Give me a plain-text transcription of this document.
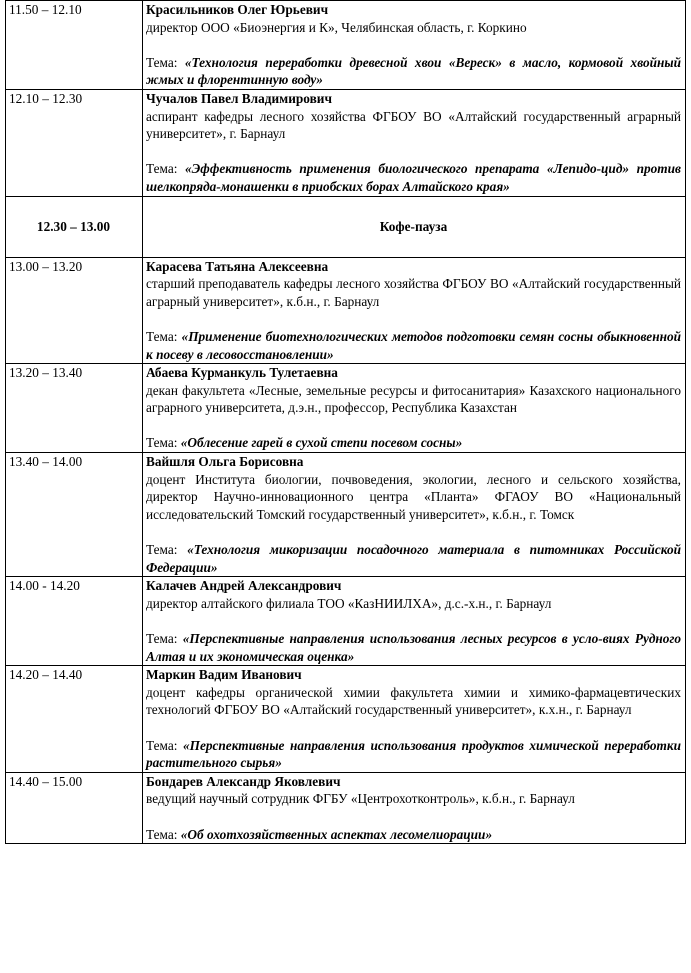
11.50 – 12.10	Красильников Олег Юрьевич
директор ООО «Биоэнергия и К», Челябинская область, г. Коркино
Тема: «Технология переработки древесной хвои «Вереск» в масло, кормовой хвойный жмых и флорентинную воду»

12.10 – 12.30	Чучалов Павел Владимирович
аспирант кафедры лесного хозяйства ФГБОУ ВО «Алтайский государственный аграрный университет», г. Барнаул
Тема: «Эффективность применения биологического препарата «Лепидо-цид» против шелкопряда-монашенки в приобских борах Алтайского края»

12.30 – 13.00	Кофе-пауза
13.00 – 13.20	Карасева Татьяна Алексеевна
старший преподаватель кафедры лесного хозяйства ФГБОУ ВО «Алтайский государственный аграрный университет», к.б.н., г. Барнаул
Тема: «Применение биотехнологических методов подготовки семян сосны обыкновенной к посеву в лесовосстановлении»

13.20 – 13.40	Абаева Курманкуль Тулетаевна
декан факультета «Лесные, земельные ресурсы и фитосанитария» Казахского национального аграрного университета, д.э.н., профессор, Республика Казахстан
Тема: «Облесение гарей в сухой степи посевом сосны»

13.40 – 14.00	Вайшля Ольга Борисовна
доцент Института биологии, почвоведения, экологии, лесного и сельского хозяйства, директор Научно-инновационного центра «Планта» ФГАОУ ВО «Национальный исследовательский Томский государственный университет», к.б.н., г. Томск
Тема: «Технология микоризации посадочного материала в питомниках Российской Федерации»

14.00 - 14.20	Калачев Андрей Александрович
директор алтайского филиала ТОО «КазНИИЛХА», д.с.-х.н., г. Барнаул
Тема: «Перспективные направления использования лесных ресурсов в усло-виях Рудного Алтая и их экономическая оценка»

14.20 – 14.40	Маркин Вадим Иванович
доцент кафедры органической химии факультета химии и химико-фармацевтических технологий ФГБОУ ВО «Алтайский государственный университет», к.х.н., г. Барнаул
Тема: «Перспективные направления использования продуктов химической переработки растительного сырья»

14.40 – 15.00	Бондарев Александр Яковлевич
ведущий научный сотрудник ФГБУ «Центрохотконтроль», к.б.н., г. Барнаул
Тема: «Об охотхозяйственных аспектах лесомелиорации»
